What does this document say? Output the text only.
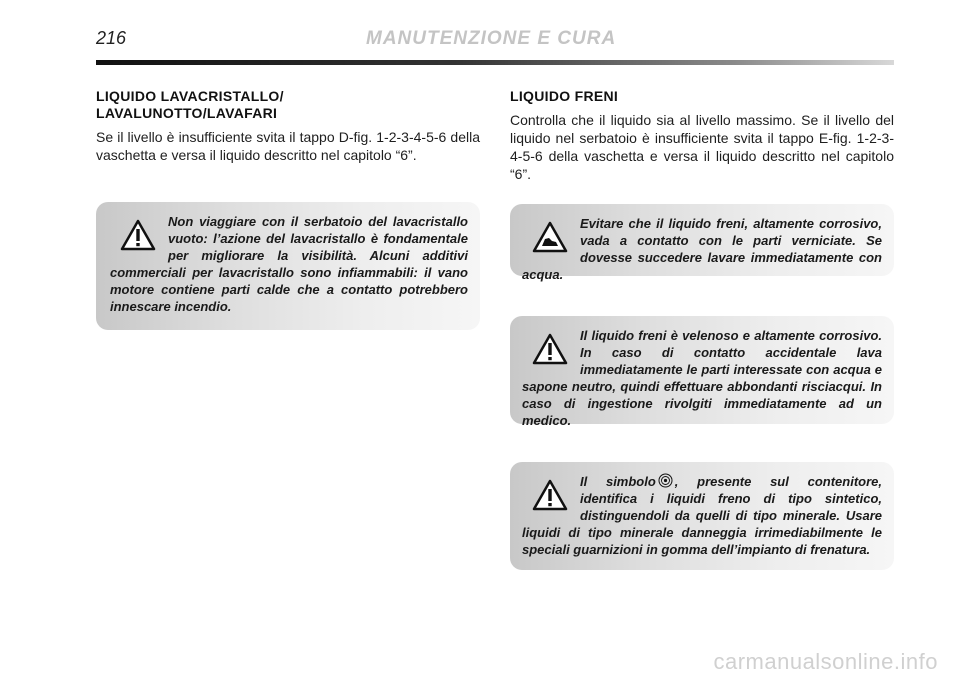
216	MANUTENZIONE E CURA
LIQUIDO LAVACRISTALLO/
LAVALUNOTTO/LAVAFARI

Se il livello è insufficiente svita il tappo D-fig. 1-2-3-4-5-6 della vaschetta e versa il liquido descritto nel capitolo “6”.

Non viaggiare con il serbatoio del lavacristallo vuoto: l’azione del lavacristallo è fondamentale per migliorare la visibilità. Alcuni additivi commerciali per lavacristallo sono infiammabili: il vano motore contiene parti calde che a contatto potrebbero innescare incendio.
LIQUIDO FRENI

Controlla che il liquido sia al livello massimo. Se il livello del liquido nel serbatoio è insufficiente svita il tappo E-fig. 1-2-3-4-5-6 della vaschetta e versa il liquido descritto nel capitolo “6”.

Evitare che il liquido freni, altamente corrosivo, vada a contatto con le parti verniciate. Se dovesse succedere lavare immediatamente con acqua.
Il liquido freni è velenoso e altamente corrosivo. In caso di contatto accidentale lava immediatamente le parti interessate con acqua e sapone neutro, quindi effettuare abbondanti risciacqui. In caso di ingestione rivolgiti immediatamente ad un medico.
Il simbolo , presente sul contenitore, identifica i liquidi freno di tipo sintetico, distinguendoli da quelli di tipo minerale. Usare liquidi di tipo minerale danneggia irrimediabilmente le speciali guarnizioni in gomma dell’impianto di frenatura.
carmanualsonline.info
